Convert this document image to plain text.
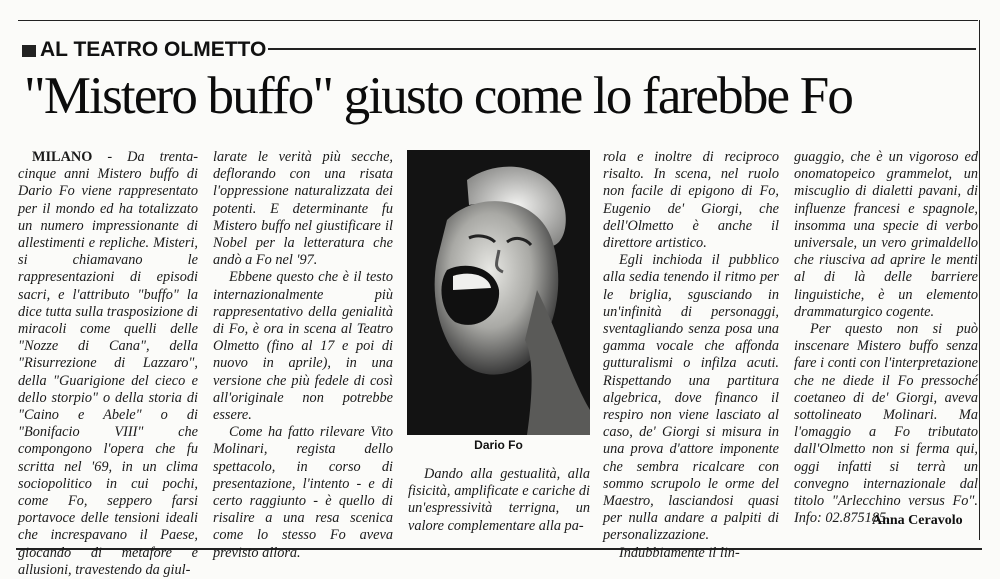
AL TEATRO OLMETTO
"Mistero buffo" giusto come lo farebbe Fo

MILANO - Da trenta-cinque anni Mistero buffo di Dario Fo viene rappresentato per il mondo ed ha totalizzato un numero impressionante di allestimenti e repliche. Misteri, si chiamavano le rappresentazioni di episodi sacri, e l'attributo "buffo" la dice tutta sulla trasposizione di miracoli come quelli delle "Nozze di Cana", della "Risurrezione di Lazzaro", della "Guarigione del cieco e dello storpio" o della storia di "Caino e Abele" o di "Bonifacio VIII" che compongono l'opera che fu scritta nel '69, in un clima sociopolitico in cui pochi, come Fo, seppero farsi portavoce delle tensioni ideali che increspavano il Paese, giocando di metafore e allusioni, travestendo da giul-

larate le verità più secche, deflorando con una risata l'oppressione naturalizzata dei potenti. E determinante fu Mistero buffo nel giustificare il Nobel per la letteratura che andò a Fo nel '97.

Ebbene questo che è il testo internazionalmente più rappresentativo della genialità di Fo, è ora in scena al Teatro Olmetto (fino al 17 e poi di nuovo in aprile), in una versione che più fedele di così all'originale non potrebbe essere.

Come ha fatto rilevare Vito Molinari, regista dello spettacolo, in corso di presentazione, l'intento - e di certo raggiunto - è quello di risalire a una resa scenica come lo stesso Fo aveva previsto allora.

Dario Fo

Dando alla gestualità, alla fisicità, amplificate e cariche di un'espressività terrigna, un valore complementare alla pa-

rola e inoltre di reciproco risalto. In scena, nel ruolo non facile di epigono di Fo, Eugenio de' Giorgi, che dell'Olmetto è anche il direttore artistico.

Egli inchioda il pubblico alla sedia tenendo il ritmo per le briglia, sgusciando in un'infinità di personaggi, sventagliando senza posa una gamma vocale che affonda gutturalismi o infilza acuti. Rispettando una partitura algebrica, dove financo il respiro non viene lasciato al caso, de' Giorgi si misura in una prova d'attore imponente che sembra ricalcare con sommo scrupolo le orme del Maestro, lasciandosi quasi per nulla andare a palpiti di personalizzazione.

Indubbiamente il lin-

guaggio, che è un vigoroso ed onomatopeico grammelot, un miscuglio di dialetti pavani, di influenze francesi e spagnole, insomma una specie di verbo universale, un vero grimaldello che riusciva ad aprire le menti al di là delle barriere linguistiche, è un elemento drammaturgico cogente.

Per questo non si può inscenare Mistero buffo senza fare i conti con l'interpretazione che ne diede il Fo pressoché coetaneo di de' Giorgi, aveva sottolineato Molinari. Ma l'omaggio a Fo tributato dall'Olmetto non si ferma qui, oggi infatti si terrà un convegno internazionale dal titolo "Arlecchino versus Fo". Info: 02.875185.

Anna Ceravolo
